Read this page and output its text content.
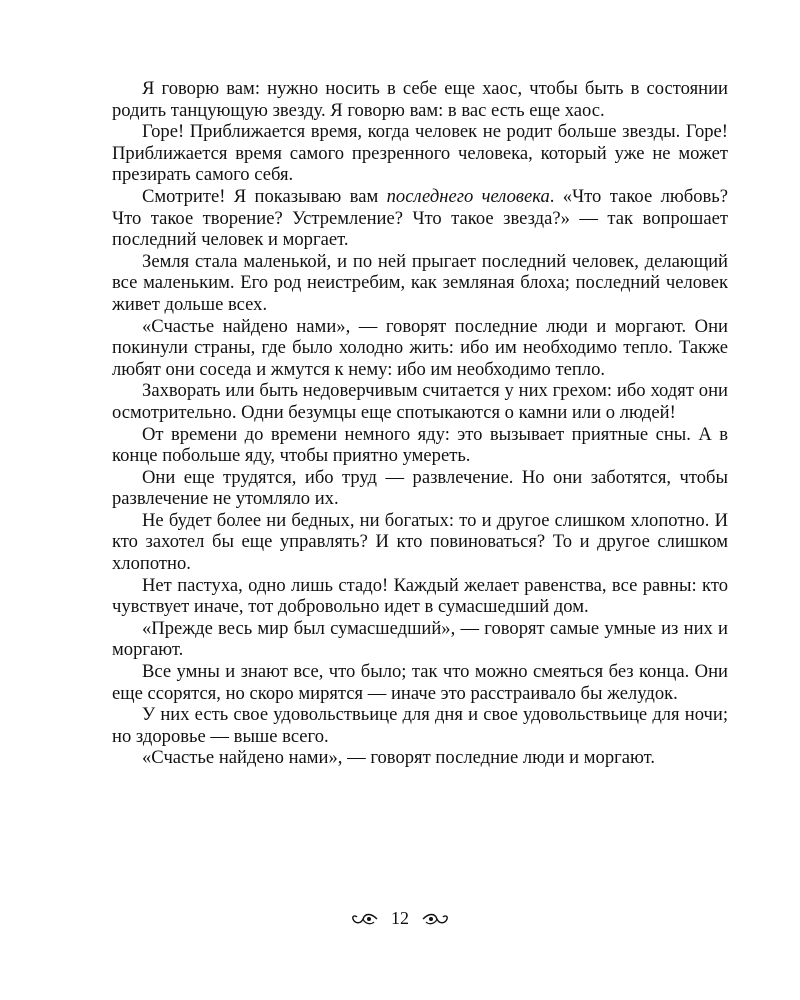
Я говорю вам: нужно носить в себе еще хаос, чтобы быть в состоянии родить танцующую звезду. Я говорю вам: в вас есть еще хаос.

Горе! Приближается время, когда человек не родит больше звезды. Горе! Приближается время самого презренного человека, который уже не может презирать самого себя.

Смотрите! Я показываю вам последнего человека. «Что такое любовь? Что такое творение? Устремление? Что такое звезда?» — так вопрошает последний человек и моргает.

Земля стала маленькой, и по ней прыгает последний человек, делающий все маленьким. Его род неистребим, как земляная блоха; последний человек живет дольше всех.

«Счастье найдено нами», — говорят последние люди и моргают. Они покинули страны, где было холодно жить: ибо им необходимо тепло. Также любят они соседа и жмутся к нему: ибо им необходимо тепло.

Захворать или быть недоверчивым считается у них грехом: ибо ходят они осмотрительно. Одни безумцы еще спотыкаются о камни или о людей!

От времени до времени немного яду: это вызывает приятные сны. А в конце побольше яду, чтобы приятно умереть.

Они еще трудятся, ибо труд — развлечение. Но они заботятся, чтобы развлечение не утомляло их.

Не будет более ни бедных, ни богатых: то и другое слишком хлопотно. И кто захотел бы еще управлять? И кто повиноваться? То и другое слишком хлопотно.

Нет пастуха, одно лишь стадо! Каждый желает равенства, все равны: кто чувствует иначе, тот добровольно идет в сумасшедший дом.

«Прежде весь мир был сумасшедший», — говорят самые умные из них и моргают.

Все умны и знают все, что было; так что можно смеяться без конца. Они еще ссорятся, но скоро мирятся — иначе это расстраивало бы желудок.

У них есть свое удовольствьице для дня и свое удовольствьице для ночи; но здоровье — выше всего.

«Счастье найдено нами», — говорят последние люди и моргают.

12
